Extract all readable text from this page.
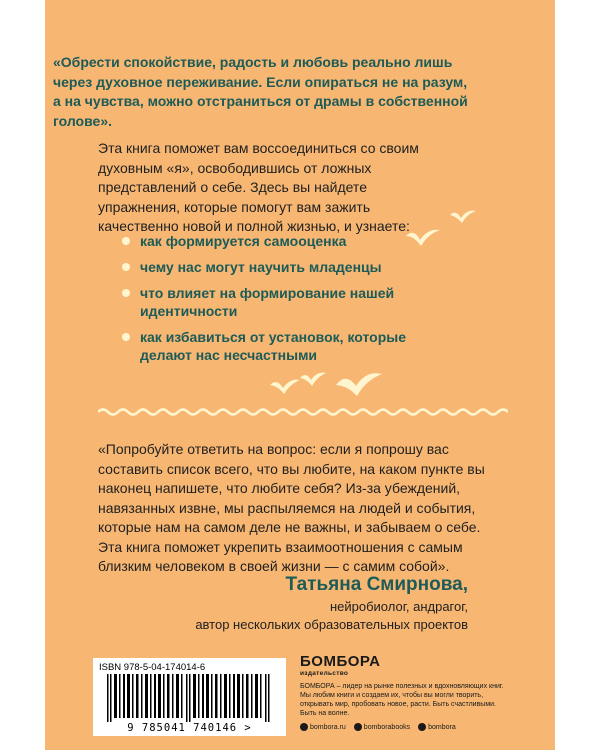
«Обрести спокойствие, радость и любовь реально лишь через духовное переживание. Если опираться не на разум, а на чувства, можно отстраниться от драмы в собственной голове».
Эта книга поможет вам воссоединиться со своим духовным «я», освободившись от ложных представлений о себе. Здесь вы найдете упражнения, которые помогут вам зажить качественно новой и полной жизнью, и узнаете:
как формируется самооценка
чему нас могут научить младенцы
что влияет на формирование нашей идентичности
как избавиться от установок, которые делают нас несчастными
«Попробуйте ответить на вопрос: если я попрошу вас составить список всего, что вы любите, на каком пункте вы наконец напишете, что любите себя? Из-за убеждений, навязанных извне, мы распыляемся на людей и события, которые нам на самом деле не важны, и забываем о себе. Эта книга поможет укрепить взаимоотношения с самым близким человеком в своей жизни — с самим собой».
Татьяна Смирнова,
нейробиолог, андрагог,
автор нескольких образовательных проектов
ISBN 978-5-04-174014-6
9 785041 740146 >
БОМБОРА
издательство
БОМБОРА – лидер на рынке полезных и вдохновляющих книг. Мы любим книги и создаем их, чтобы вы могли творить, открывать мир, пробовать новое, расти. Быть счастливыми. Быть на волне.
bombora.ru	bomborabooks	bombora
